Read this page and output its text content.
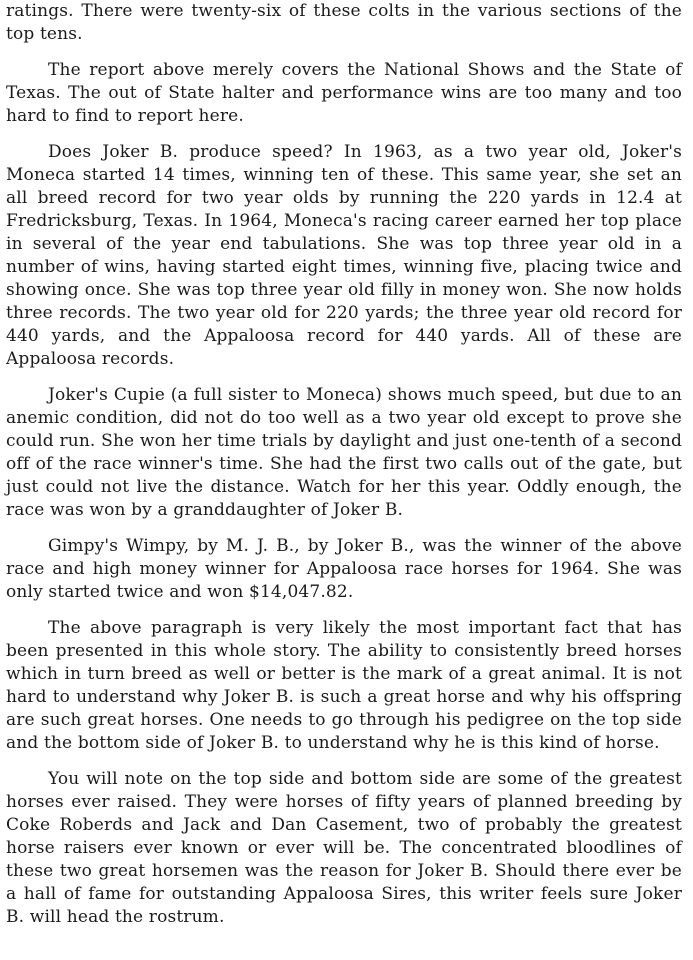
ratings. There were twenty-six of these colts in the various sections of the top tens.

The report above merely covers the National Shows and the State of Texas. The out of State halter and performance wins are too many and too hard to find to report here.

Does Joker B. produce speed? In 1963, as a two year old, Joker's Moneca started 14 times, winning ten of these. This same year, she set an all breed record for two year olds by running the 220 yards in 12.4 at Fredricksburg, Texas. In 1964, Moneca's racing career earned her top place in several of the year end tabulations. She was top three year old in a number of wins, having started eight times, winning five, placing twice and showing once. She was top three year old filly in money won. She now holds three records. The two year old for 220 yards; the three year old record for 440 yards, and the Appaloosa record for 440 yards. All of these are Appaloosa records.

Joker's Cupie (a full sister to Moneca) shows much speed, but due to an anemic condition, did not do too well as a two year old except to prove she could run. She won her time trials by daylight and just one-tenth of a second off of the race winner's time. She had the first two calls out of the gate, but just could not live the distance. Watch for her this year. Oddly enough, the race was won by a granddaughter of Joker B.

Gimpy's Wimpy, by M. J. B., by Joker B., was the winner of the above race and high money winner for Appaloosa race horses for 1964. She was only started twice and won $14,047.82.

The above paragraph is very likely the most important fact that has been presented in this whole story. The ability to consistently breed horses which in turn breed as well or better is the mark of a great animal. It is not hard to understand why Joker B. is such a great horse and why his offspring are such great horses. One needs to go through his pedigree on the top side and the bottom side of Joker B. to understand why he is this kind of horse.

You will note on the top side and bottom side are some of the greatest horses ever raised. They were horses of fifty years of planned breeding by Coke Roberds and Jack and Dan Casement, two of probably the greatest horse raisers ever known or ever will be. The concentrated bloodlines of these two great horsemen was the reason for Joker B. Should there ever be a hall of fame for outstanding Appaloosa Sires, this writer feels sure Joker B. will head the rostrum.
